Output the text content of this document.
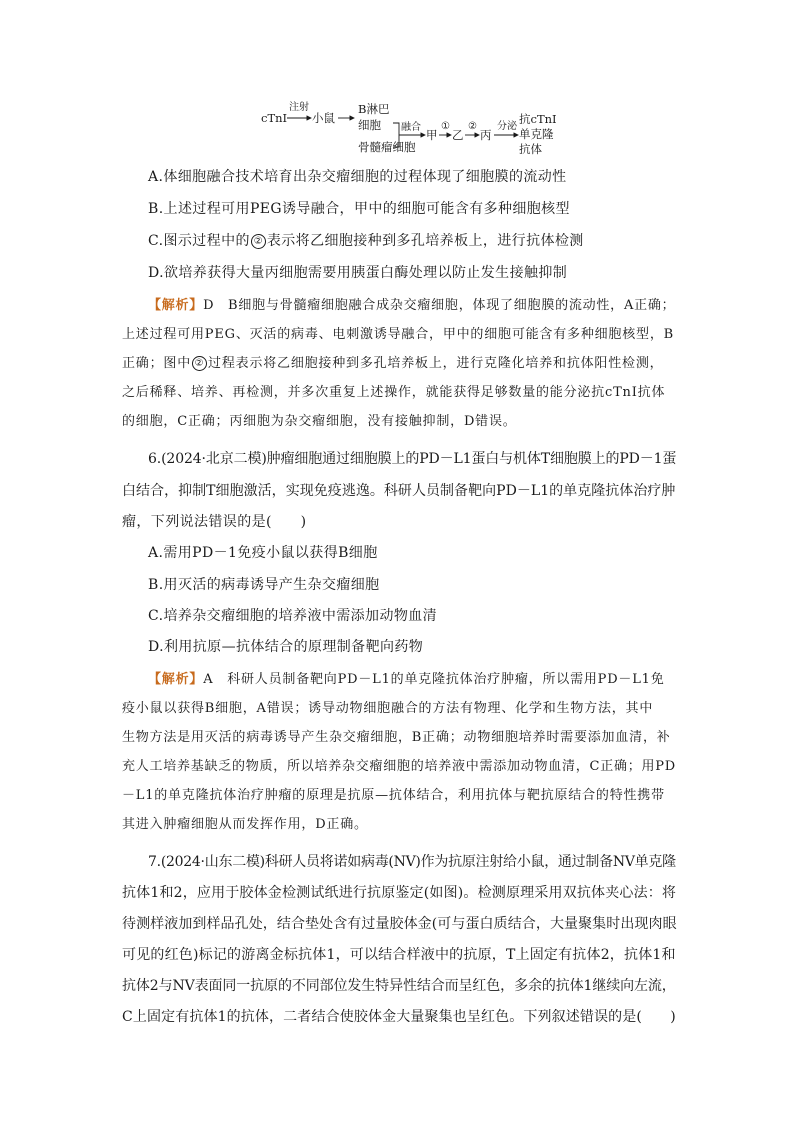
cTnI
注射
小鼠
B淋巴
细胞
骨髓瘤细胞
融合
甲
①
乙
②
丙
分泌
抗cTnI
单克隆
抗体
A.体细胞融合技术培育出杂交瘤细胞的过程体现了细胞膜的流动性
B.上述过程可用PEG诱导融合，甲中的细胞可能含有多种细胞核型
C.图示过程中的 ② 表示将乙细胞接种到多孔培养板上，进行抗体检测
D.欲培养获得大量丙细胞需要用胰蛋白酶处理以防止发生接触抑制
【解析】D　B细胞与骨髓瘤细胞融合成杂交瘤细胞，体现了细胞膜的流动性，A正确；
上述过程可用PEG、灭活的病毒、电刺激诱导融合，甲中的细胞可能含有多种细胞核型，B
正确；图中 ② 过程表示将乙细胞接种到多孔培养板上，进行克隆化培养和抗体阳性检测，
之后稀释、培养、再检测，并多次重复上述操作，就能获得足够数量的能分泌抗cTnI抗体
的细胞，C正确；丙细胞为杂交瘤细胞，没有接触抑制，D错误。
6.(2024·北京二模)肿瘤细胞通过细胞膜上的PD－L1蛋白与机体T细胞膜上的PD－1蛋
白结合，抑制T细胞激活，实现免疫逃逸。科研人员制备靶向PD－L1的单克隆抗体治疗肿
瘤，下列说法错误的是(　　)
A.需用PD－1免疫小鼠以获得B细胞
B.用灭活的病毒诱导产生杂交瘤细胞
C.培养杂交瘤细胞的培养液中需添加动物血清
D.利用抗原—抗体结合的原理制备靶向药物
【解析】A　科研人员制备靶向PD－L1的单克隆抗体治疗肿瘤，所以需用PD－L1免
疫小鼠以获得B细胞，A错误；诱导动物细胞融合的方法有物理、化学和生物方法，其中
生物方法是用灭活的病毒诱导产生杂交瘤细胞，B正确；动物细胞培养时需要添加血清，补
充人工培养基缺乏的物质，所以培养杂交瘤细胞的培养液中需添加动物血清，C正确；用PD
－L1的单克隆抗体治疗肿瘤的原理是抗原—抗体结合，利用抗体与靶抗原结合的特性携带
其进入肿瘤细胞从而发挥作用，D正确。
7.(2024·山东二模)科研人员将诺如病毒(NV)作为抗原注射给小鼠，通过制备NV单克隆
抗体1和2，应用于胶体金检测试纸进行抗原鉴定(如图)。检测原理采用双抗体夹心法：将
待测样液加到样品孔处，结合垫处含有过量胶体金(可与蛋白质结合，大量聚集时出现肉眼
可见的红色)标记的游离金标抗体1，可以结合样液中的抗原，T上固定有抗体2，抗体1和
抗体2与NV表面同一抗原的不同部位发生特异性结合而呈红色，多余的抗体1继续向左流，
C上固定有抗体1的抗体，二者结合使胶体金大量聚集也呈红色。下列叙述错误的是(　　)
